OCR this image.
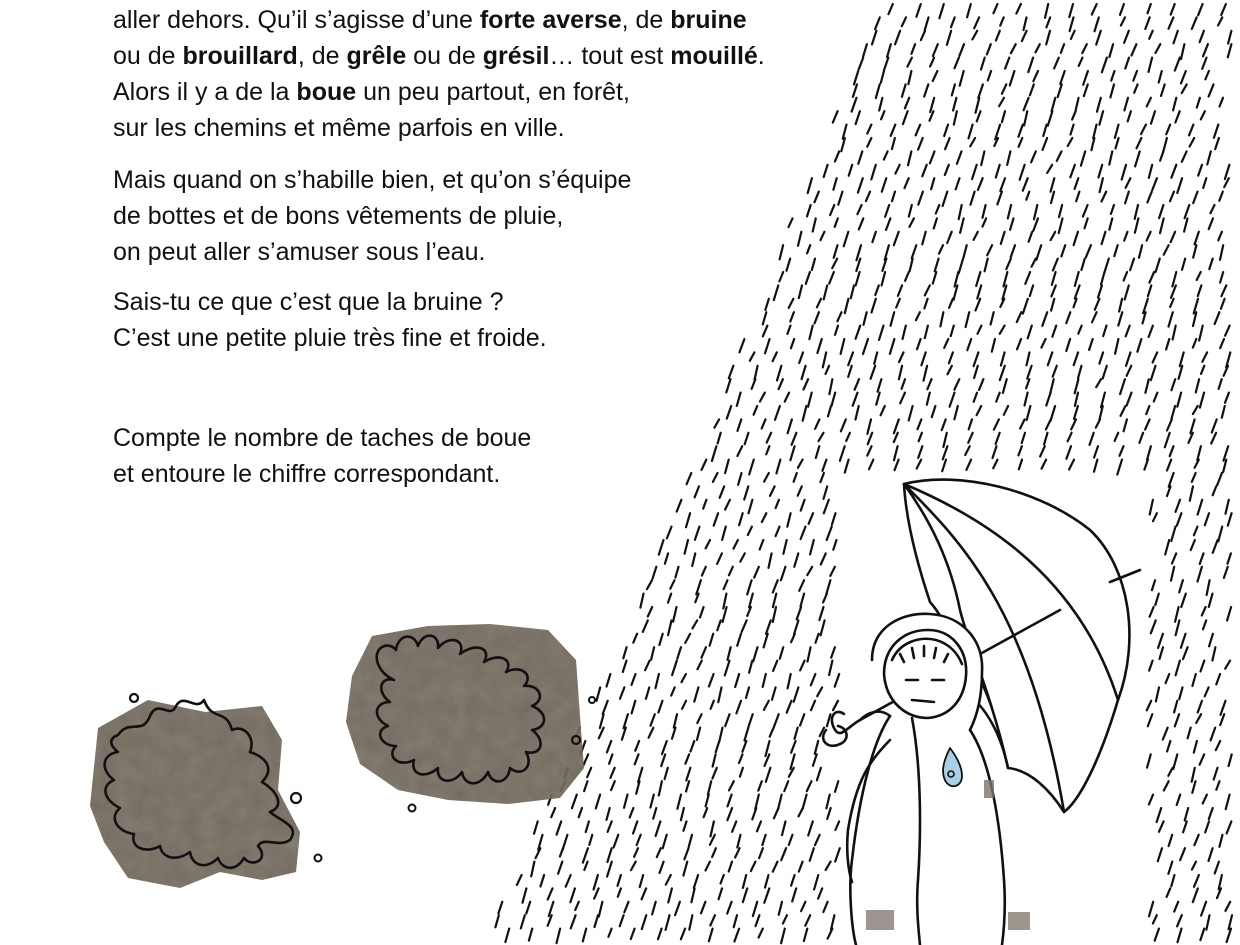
aller dehors. Qu’il s’agisse d’une forte averse, de bruine
ou de brouillard, de grêle ou de grésil… tout est mouillé.
Alors il y a de la boue un peu partout, en forêt,
sur les chemins et même parfois en ville.

Mais quand on s’habille bien, et qu’on s’équipe
de bottes et de bons vêtements de pluie,
on peut aller s’amuser sous l’eau.

Sais-tu ce que c’est que la bruine ?
C’est une petite pluie très fine et froide.

Compte le nombre de taches de boue
et entoure le chiffre correspondant.
